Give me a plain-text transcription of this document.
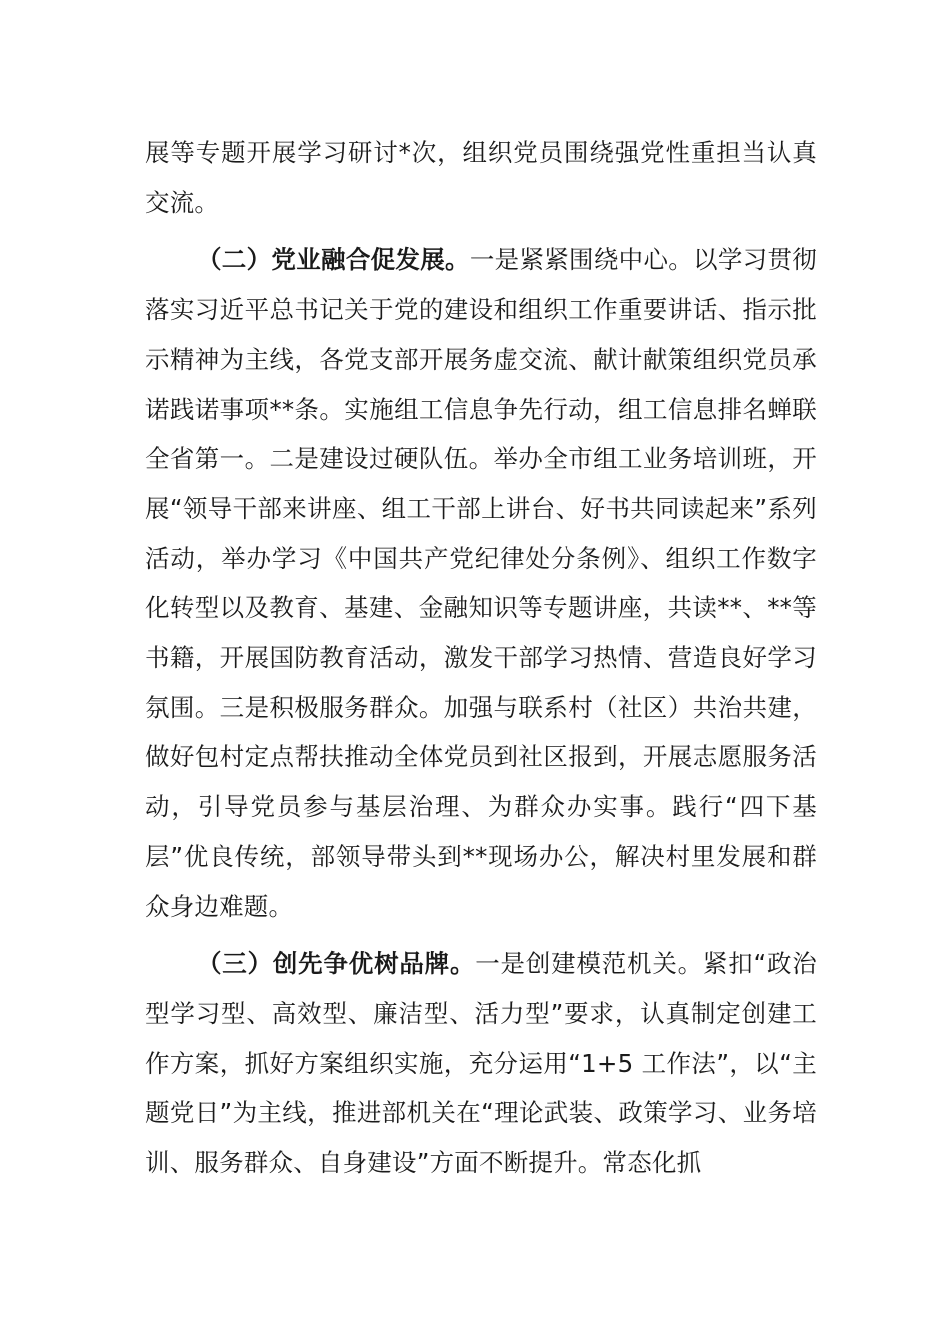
展等专题开展学习研讨*次，组织党员围绕强党性重担当认真交流。

（二）党业融合促发展。一是紧紧围绕中心。以学习贯彻落实习近平总书记关于党的建设和组织工作重要讲话、指示批示精神为主线，各党支部开展务虚交流、献计献策组织党员承诺践诺事项**条。实施组工信息争先行动，组工信息排名蝉联全省第一。二是建设过硬队伍。举办全市组工业务培训班，开展“领导干部来讲座、组工干部上讲台、好书共同读起来”系列活动，举办学习《中国共产党纪律处分条例》、组织工作数字化转型以及教育、基建、金融知识等专题讲座，共读**、**等书籍，开展国防教育活动，激发干部学习热情、营造良好学习氛围。三是积极服务群众。加强与联系村（社区）共治共建，做好包村定点帮扶推动全体党员到社区报到，开展志愿服务活动，引导党员参与基层治理、为群众办实事。践行“四下基层”优良传统，部领导带头到**现场办公，解决村里发展和群众身边难题。

（三）创先争优树品牌。一是创建模范机关。紧扣“政治型学习型、高效型、廉洁型、活力型”要求，认真制定创建工作方案，抓好方案组织实施，充分运用“1+5 工作法”，以“主题党日”为主线，推进部机关在“理论武装、政策学习、业务培训、服务群众、自身建设”方面不断提升。常态化抓
